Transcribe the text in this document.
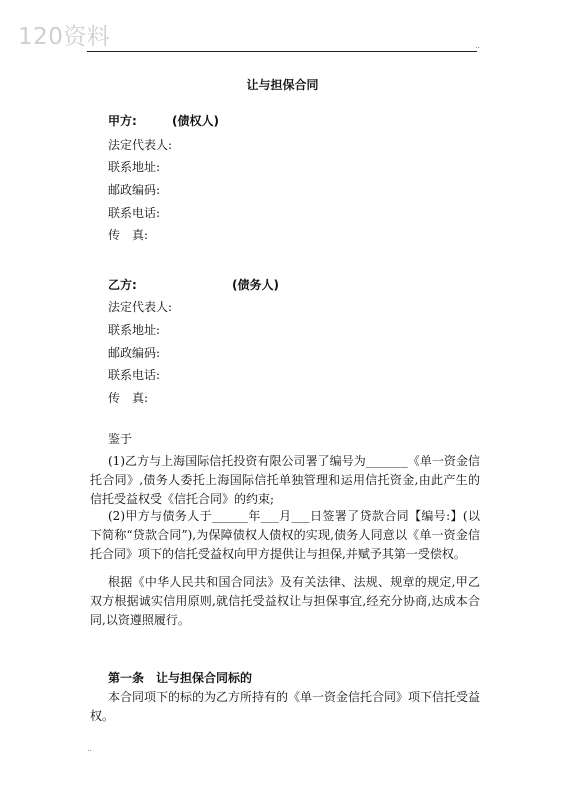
120资料	..
让与担保合同
甲方:	(债权人)
法定代表人:
联系地址:
邮政编码:
联系电话:
传　真:
乙方:	(债务人)
法定代表人:
联系地址:
邮政编码:
联系电话:
传　真:
鉴于
(1)乙方与上海国际信托投资有限公司署了编号为_______《单一资金信托合同》,债务人委托上海国际信托单独管理和运用信托资金,由此产生的信托受益权受《信托合同》的约束;
(2)甲方与债务人于______年___月___日签署了贷款合同【编号:】(以下简称“贷款合同”),为保障债权人债权的实现,债务人同意以《单一资金信托合同》项下的信托受益权向甲方提供让与担保,并赋予其第一受偿权。
根据《中华人民共和国合同法》及有关法律、法规、规章的规定,甲乙双方根据诚实信用原则,就信托受益权让与担保事宜,经充分协商,达成本合同,以资遵照履行。
第一条　让与担保合同标的
本合同项下的标的为乙方所持有的《单一资金信托合同》项下信托受益权。
..
